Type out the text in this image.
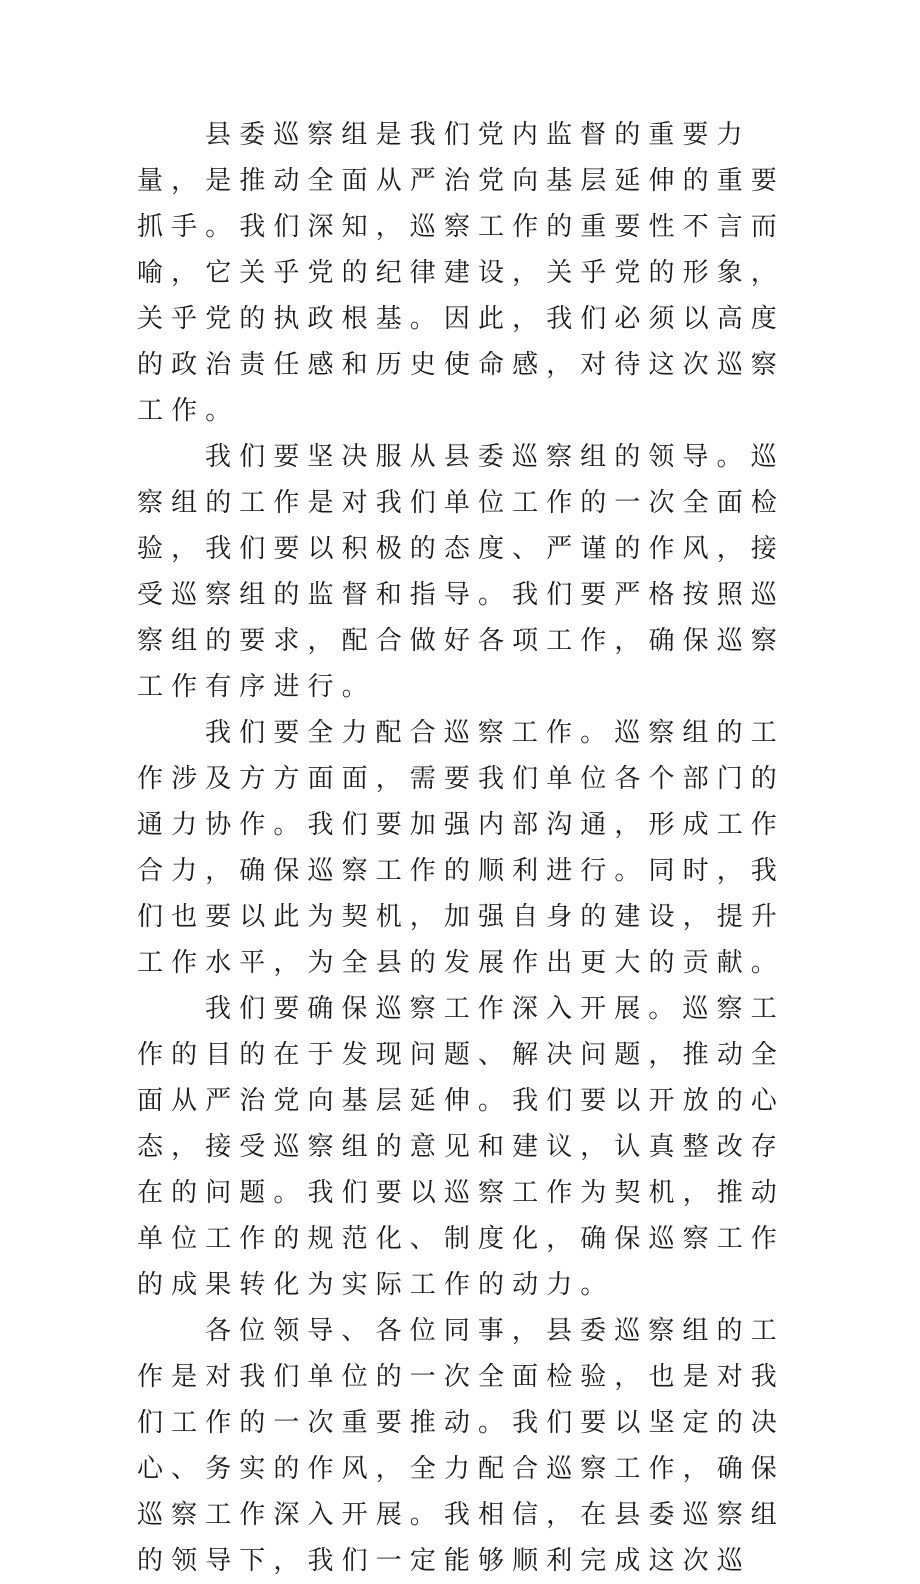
县委巡察组是我们党内监督的重要力量，是推动全面从严治党向基层延伸的重要抓手。我们深知，巡察工作的重要性不言而喻，它关乎党的纪律建设，关乎党的形象，关乎党的执政根基。因此，我们必须以高度的政治责任感和历史使命感，对待这次巡察工作。

我们要坚决服从县委巡察组的领导。巡察组的工作是对我们单位工作的一次全面检验，我们要以积极的态度、严谨的作风，接受巡察组的监督和指导。我们要严格按照巡察组的要求，配合做好各项工作，确保巡察工作有序进行。

我们要全力配合巡察工作。巡察组的工作涉及方方面面，需要我们单位各个部门的通力协作。我们要加强内部沟通，形成工作合力，确保巡察工作的顺利进行。同时，我们也要以此为契机，加强自身的建设，提升工作水平，为全县的发展作出更大的贡献。

我们要确保巡察工作深入开展。巡察工作的目的在于发现问题、解决问题，推动全面从严治党向基层延伸。我们要以开放的心态，接受巡察组的意见和建议，认真整改存在的问题。我们要以巡察工作为契机，推动单位工作的规范化、制度化，确保巡察工作的成果转化为实际工作的动力。

各位领导、各位同事，县委巡察组的工作是对我们单位的一次全面检验，也是对我们工作的一次重要推动。我们要以坚定的决心、务实的作风，全力配合巡察工作，确保巡察工作深入开展。我相信，在县委巡察组的领导下，我们一定能够顺利完成这次巡
